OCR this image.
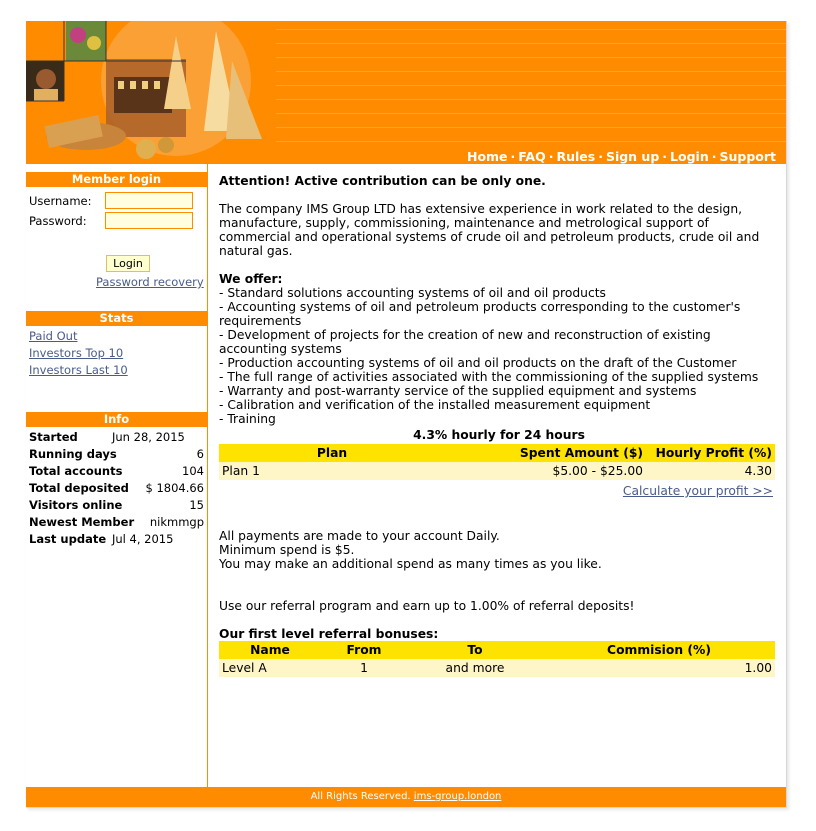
Home · FAQ · Rules · Sign up · Login · Support
Member login
Username:
Password:
Login
Password recovery
Stats
Paid Out
Investors Top 10
Investors Last 10
Info
Started	Jun 28, 2015
Running days	6
Total accounts	104
Total deposited $ 1804.66
Visitors online	15
Newest Member nikmmgp
Last update Jul 4, 2015

Attention! Active contribution can be only one.

The company IMS Group LTD has extensive experience in work related to the design, manufacture, supply, commissioning, maintenance and metrological support of commercial and operational systems of crude oil and petroleum products, crude oil and natural gas.

We offer:

- Standard solutions accounting systems of oil and oil products

- Accounting systems of oil and petroleum products corresponding to the customer's requirements

- Development of projects for the creation of new and reconstruction of existing accounting systems

- Production accounting systems of oil and oil products on the draft of the Customer

- The full range of activities associated with the commissioning of the supplied systems

- Warranty and post-warranty service of the supplied equipment and systems

- Calibration and verification of the installed measurement equipment

- Training

4.3% hourly for 24 hours

Plan	Spent Amount ($)	Hourly Profit (%)
Plan 1	$5.00 - $25.00	4.30

Calculate your profit >>

All payments are made to your account Daily.

Minimum spend is $5.

You may make an additional spend as many times as you like.

Use our referral program and earn up to 1.00% of referral deposits!

Our first level referral bonuses:

Name	From	To	Commision (%)
Level A	1	and more	1.00
All Rights Reserved. ims-group.london
